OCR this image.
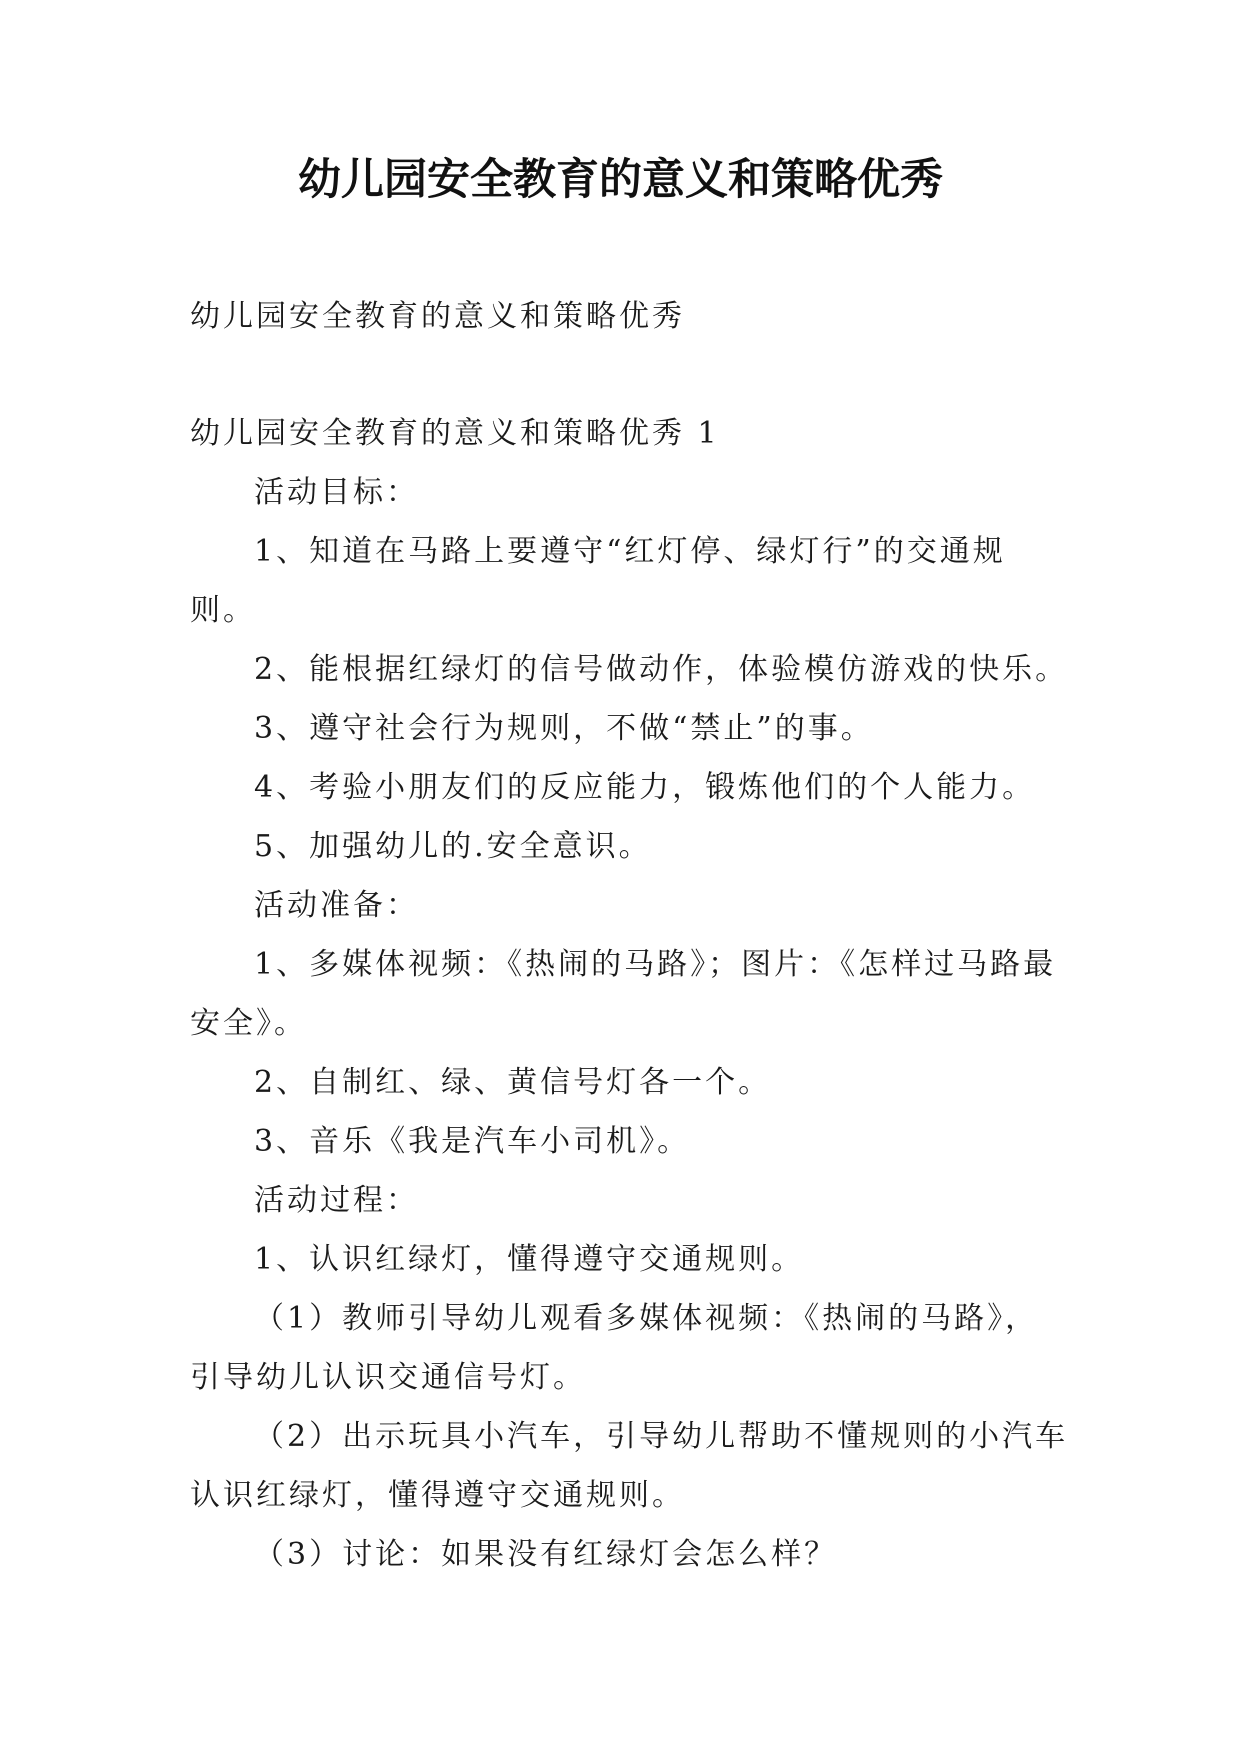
幼儿园安全教育的意义和策略优秀

幼儿园安全教育的意义和策略优秀

幼儿园安全教育的意义和策略优秀 1

活动目标：

1、知道在马路上要遵守“红灯停、绿灯行”的交通规则。

2、能根据红绿灯的信号做动作，体验模仿游戏的快乐。

3、遵守社会行为规则，不做“禁止”的事。

4、考验小朋友们的反应能力，锻炼他们的个人能力。

5、加强幼儿的.安全意识。

活动准备：

1、多媒体视频：《热闹的马路》；图片：《怎样过马路最安全》。

2、自制红、绿、黄信号灯各一个。

3、音乐《我是汽车小司机》。

活动过程：

1、认识红绿灯，懂得遵守交通规则。

（1）教师引导幼儿观看多媒体视频：《热闹的马路》，引导幼儿认识交通信号灯。

（2）出示玩具小汽车，引导幼儿帮助不懂规则的小汽车认识红绿灯，懂得遵守交通规则。

（3）讨论：如果没有红绿灯会怎么样？
